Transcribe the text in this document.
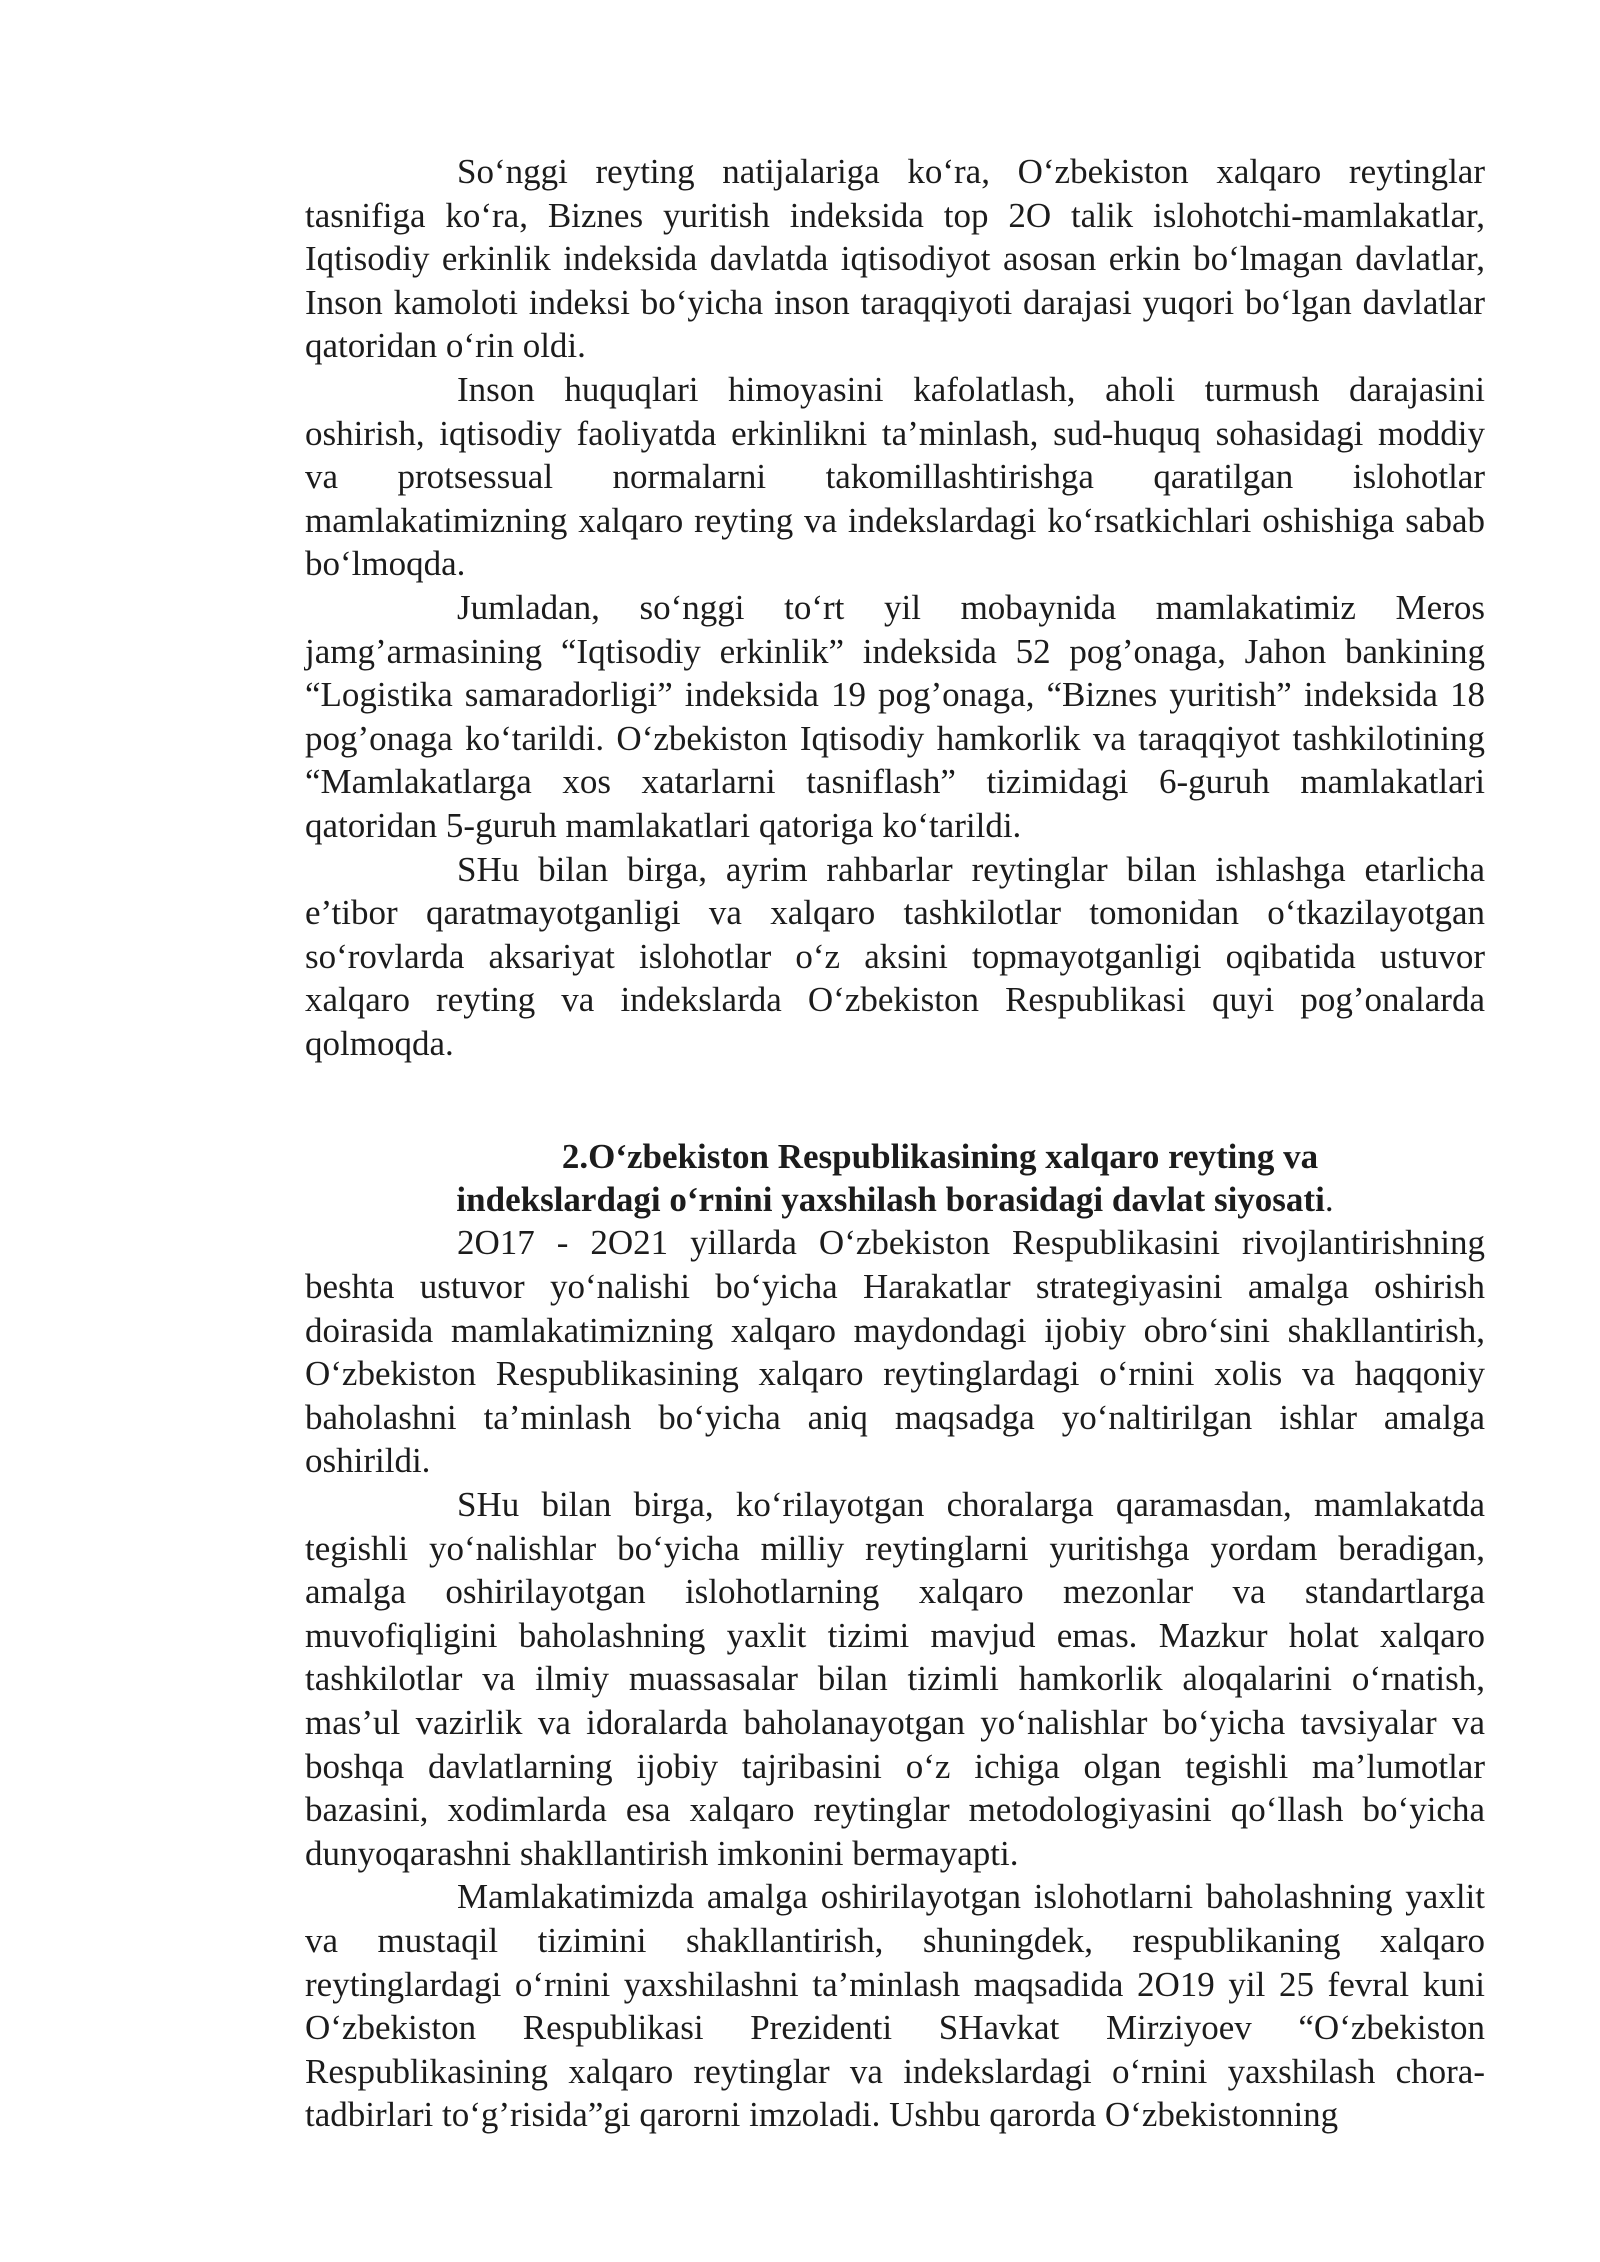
So‘nggi reyting natijalariga ko‘ra, O‘zbekiston xalqaro reytinglar tasnifiga ko‘ra, Biznes yuritish indeksida top 2O talik islohotchi-mamlakatlar, Iqtisodiy erkinlik indeksida davlatda iqtisodiyot asosan erkin bo‘lmagan davlatlar, Inson kamoloti indeksi bo‘yicha inson taraqqiyoti darajasi yuqori bo‘lgan davlatlar qatoridan o‘rin oldi.

Inson huquqlari himoyasini kafolatlash, aholi turmush darajasini oshirish, iqtisodiy faoliyatda erkinlikni ta’minlash, sud-huquq sohasidagi moddiy va protsessual normalarni takomillashtirishga qaratilgan islohotlar mamlakatimizning xalqaro reyting va indekslardagi ko‘rsatkichlari oshishiga sabab bo‘lmoqda.

Jumladan, so‘nggi to‘rt yil mobaynida mamlakatimiz Meros jamg’armasining “Iqtisodiy erkinlik” indeksida 52 pog’onaga, Jahon bankining “Logistika samaradorligi” indeksida 19 pog’onaga, “Biznes yuritish” indeksida 18 pog’onaga ko‘tarildi. O‘zbekiston Iqtisodiy hamkorlik va taraqqiyot tashkilotining “Mamlakatlarga xos xatarlarni tasniflash” tizimidagi 6-guruh mamlakatlari qatoridan 5-guruh mamlakatlari qatoriga ko‘tarildi.

SHu bilan birga, ayrim rahbarlar reytinglar bilan ishlashga etarlicha e’tibor qaratmayotganligi va xalqaro tashkilotlar tomonidan o‘tkazilayotgan so‘rovlarda aksariyat islohotlar o‘z aksini topmayotganligi oqibatida ustuvor xalqaro reyting va indekslarda O‘zbekiston Respublikasi quyi pog’onalarda qolmoqda.

2.O‘zbekiston Respublikasining xalqaro reyting va
indekslardagi o‘rnini yaxshilash borasidagi davlat siyosati.

2O17 - 2O21 yillarda O‘zbekiston Respublikasini rivojlantirishning beshta ustuvor yo‘nalishi bo‘yicha Harakatlar strategiyasini amalga oshirish doirasida mamlakatimizning xalqaro maydondagi ijobiy obro‘sini shakllantirish, O‘zbekiston Respublikasining xalqaro reytinglardagi o‘rnini xolis va haqqoniy baholashni ta’minlash bo‘yicha aniq maqsadga yo‘naltirilgan ishlar amalga oshirildi.

SHu bilan birga, ko‘rilayotgan choralarga qaramasdan, mamlakatda tegishli yo‘nalishlar bo‘yicha milliy reytinglarni yuritishga yordam beradigan, amalga oshirilayotgan islohotlarning xalqaro mezonlar va standartlarga muvofiqligini baholashning yaxlit tizimi mavjud emas. Mazkur holat xalqaro tashkilotlar va ilmiy muassasalar bilan tizimli hamkorlik aloqalarini o‘rnatish, mas’ul vazirlik va idoralarda baholanayotgan yo‘nalishlar bo‘yicha tavsiyalar va boshqa davlatlarning ijobiy tajribasini o‘z ichiga olgan tegishli ma’lumotlar bazasini, xodimlarda esa xalqaro reytinglar metodologiyasini qo‘llash bo‘yicha dunyoqarashni shakllantirish imkonini bermayapti.

Mamlakatimizda amalga oshirilayotgan islohotlarni baholashning yaxlit va mustaqil tizimini shakllantirish, shuningdek, respublikaning xalqaro reytinglardagi o‘rnini yaxshilashni ta’minlash maqsadida 2O19 yil 25 fevral kuni O‘zbekiston Respublikasi Prezidenti SHavkat Mirziyoev “O‘zbekiston Respublikasining xalqaro reytinglar va indekslardagi o‘rnini yaxshilash chora-tadbirlari to‘g’risida”gi qarorni imzoladi. Ushbu qarorda O‘zbekistonning
